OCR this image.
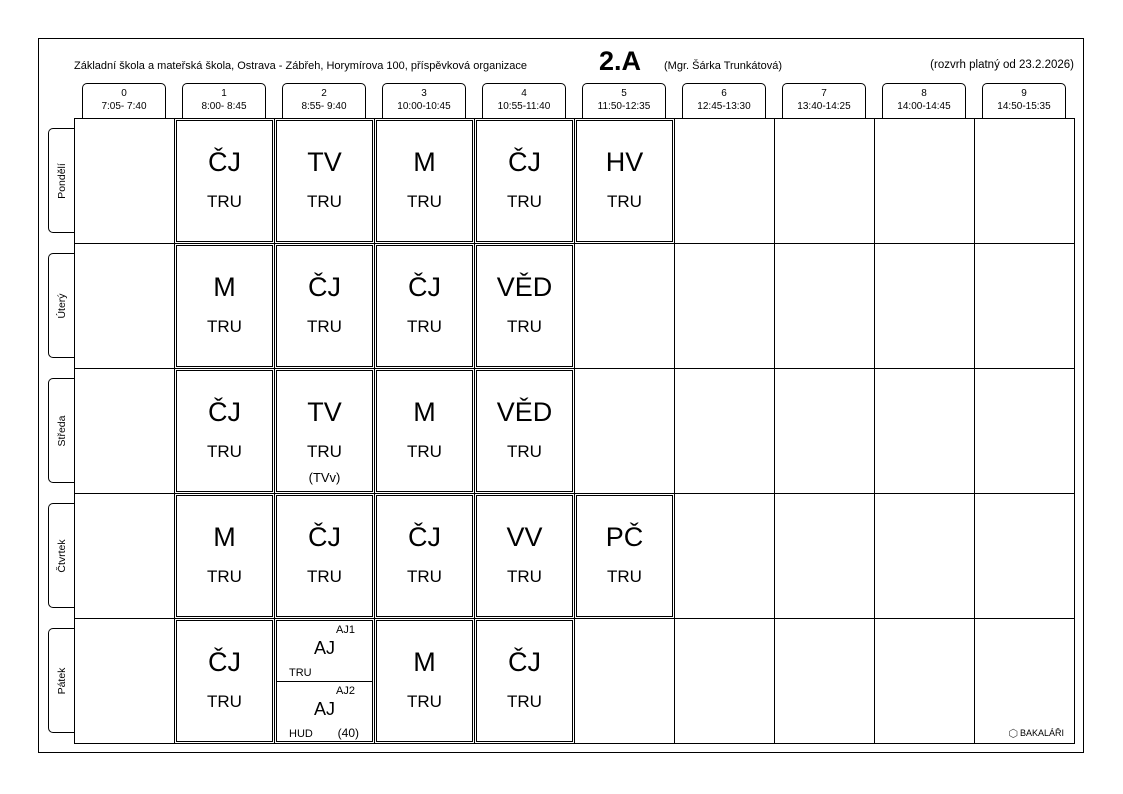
Základní škola a mateřská škola, Ostrava - Zábřeh, Horymírova 100, příspěvková organizace	2.A (Mgr. Šárka Trunkátová)	(rozvrh platný od 23.2.2026)
0
7:05- 7:40
1
8:00- 8:45
2
8:55- 9:40
3
10:00-10:45
4
10:55-11:40
5
11:50-12:35
6
12:45-13:30
7
13:40-14:25
8
14:00-14:45
9
14:50-15:35
Pondělí
Úterý
Středa
Čtvrtek
Pátek
ČJ
TRU
TV
TRU
M
TRU
ČJ
TRU
HV
TRU
M
TRU
ČJ
TRU
ČJ
TRU
VĚD
TRU
ČJ
TRU
TV
TRU
(TVv)
M
TRU
VĚD
TRU
M
TRU
ČJ
TRU
ČJ
TRU
VV
TRU
PČ
TRU
ČJ
TRU
AJ1
AJ
TRU
AJ2
AJ
HUD (40)
M
TRU
ČJ
TRU
⬡ BAKALÁŘI
